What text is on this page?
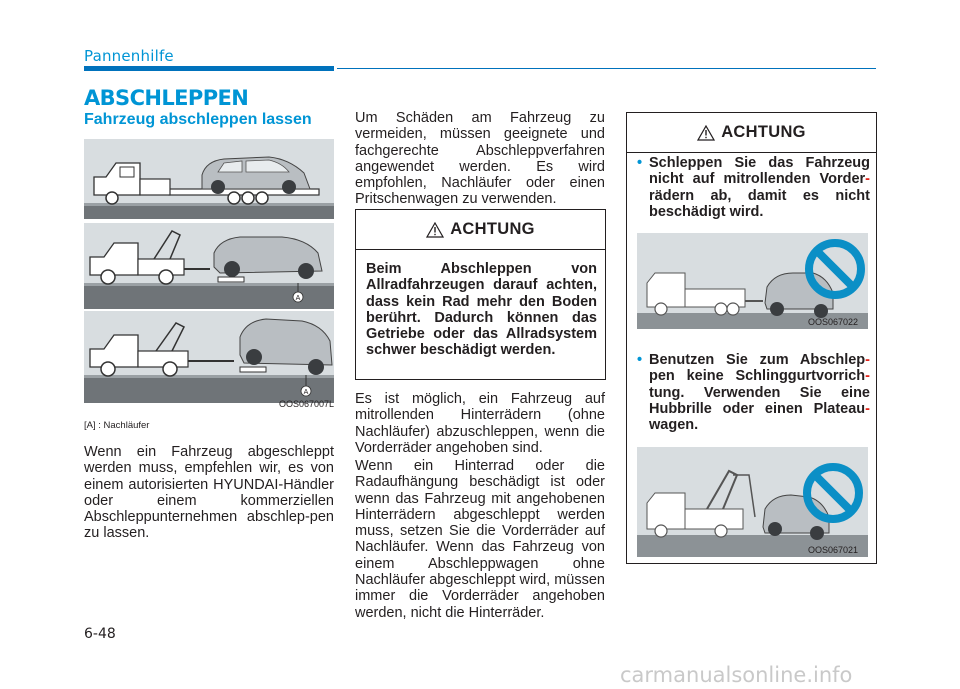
Pannenhilfe
ABSCHLEPPEN
Fahrzeug abschleppen lassen
A
A
OOS067007L
[A] : Nachläufer
Wenn ein Fahrzeug abgeschleppt werden muss, empfehlen wir, es von einem autorisierten HYUNDAI-Händler oder einem kommerziellen Abschleppunternehmen abschlep-pen zu lassen.
Um Schäden am Fahrzeug zu vermeiden, müssen geeignete und fachgerechte Abschleppverfahren angewendet werden. Es wird empfohlen, Nachläufer oder einen Pritschenwagen zu verwenden.
ACHTUNG
Beim Abschleppen von Allradfahrzeugen darauf achten, dass kein Rad mehr den Boden berührt. Dadurch können das Getriebe oder das Allradsystem schwer beschädigt werden.
Es ist möglich, ein Fahrzeug auf mitrollenden Hinterrädern (ohne Nachläufer) abzuschleppen, wenn die Vorderräder angehoben sind.
Wenn ein Hinterrad oder die Radaufhängung beschädigt ist oder wenn das Fahrzeug mit angehobenen Hinterrädern abgeschleppt werden muss, setzen Sie die Vorderräder auf Nachläufer. Wenn das Fahrzeug von einem Abschleppwagen ohne Nachläufer abgeschleppt wird, müssen immer die Vorderräder angehoben werden, nicht die Hinterräder.
ACHTUNG
• Schleppen Sie das Fahrzeug nicht auf mitrollenden Vorder-rädern ab, damit es nicht beschädigt wird.
OOS067022
• Benutzen Sie zum Abschlep-pen keine Schlinggurtvorrich-tung. Verwenden Sie eine Hubbrille oder einen Plateau-wagen.
OOS067021
6-48
carmanualsonline.info
